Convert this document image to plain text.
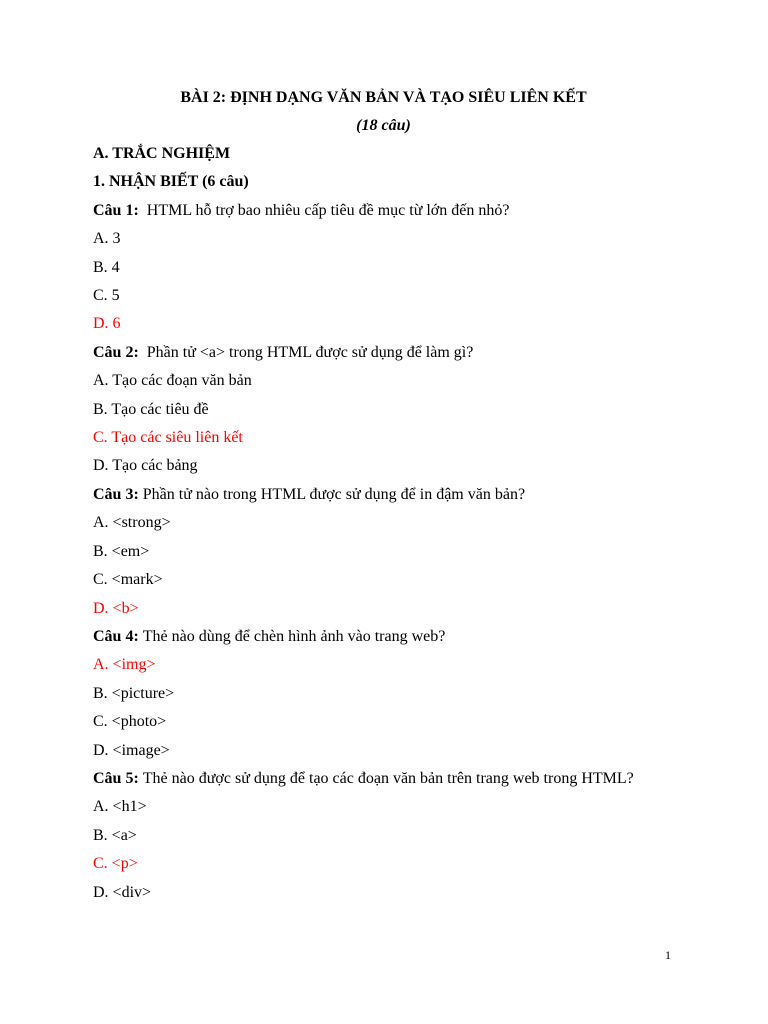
BÀI 2: ĐỊNH DẠNG VĂN BẢN VÀ TẠO SIÊU LIÊN KẾT

(18 câu)

A. TRẮC NGHIỆM

1. NHẬN BIẾT (6 câu)

Câu 1:  HTML hỗ trợ bao nhiêu cấp tiêu đề mục từ lớn đến nhỏ?

A. 3

B. 4

C. 5

D. 6

Câu 2:  Phần tử <a> trong HTML được sử dụng để làm gì?

A. Tạo các đoạn văn bản

B. Tạo các tiêu đề

C. Tạo các siêu liên kết

D. Tạo các bảng

Câu 3: Phần tử nào trong HTML được sử dụng để in đậm văn bản?

A. <strong>

B. <em>

C. <mark>

D. <b>

Câu 4: Thẻ nào dùng để chèn hình ảnh vào trang web?

A. <img>

B. <picture>

C. <photo>

D. <image>

Câu 5: Thẻ nào được sử dụng để tạo các đoạn văn bản trên trang web trong HTML?

A. <h1>

B. <a>

C. <p>

D. <div>

1
